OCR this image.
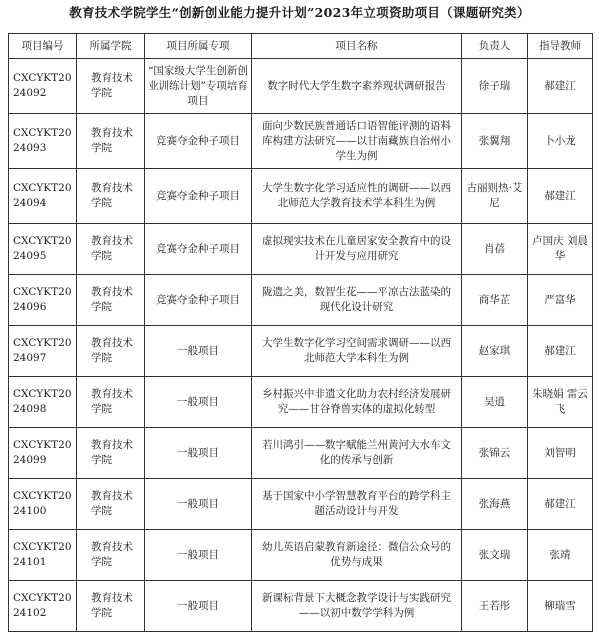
教育技术学院学生“创新创业能力提升计划”2023年立项资助项目（课题研究类）
项目编号	所属学院	项目所属专项	项目名称	负责人	指导教师
CXCYKT2024092	教育技术学院	“国家级大学生创新创业训练计划”专项培育项目	数字时代大学生数字素养现状调研报告	徐子瑞	郝建江
CXCYKT2024093	教育技术学院	竞赛夺金种子项目	面向少数民族普通话口语智能评测的语料库构建方法研究——以甘南藏族自治州小学生为例	张翼翔	卜小龙
CXCYKT2024094	教育技术学院	竞赛夺金种子项目	大学生数字化学习适应性的调研——以西北师范大学教育技术学本科生为例	古丽则热·艾尼	郝建江
CXCYKT2024095	教育技术学院	竞赛夺金种子项目	虚拟现实技术在儿童居家安全教育中的设计开发与应用研究	肖蓓	卢国庆 刘晨华
CXCYKT2024096	教育技术学院	竞赛夺金种子项目	陇遗之美，数智生花——平凉古法蓝染的现代化设计研究	商华芷	严富华
CXCYKT2024097	教育技术学院	一般项目	大学生数字化学习空间需求调研——以西北师范大学本科生为例	赵家琪	郝建江
CXCYKT2024098	教育技术学院	一般项目	乡村振兴中非遗文化助力农村经济发展研究——甘谷脊兽实体的虚拟化转型	吴逍	朱晓娟 雷云飞
CXCYKT2024099	教育技术学院	一般项目	若川鸿引——数字赋能兰州黄河大水车文化的传承与创新	张锦云	刘智明
CXCYKT2024100	教育技术学院	一般项目	基于国家中小学智慧教育平台的跨学科主题活动设计与开发	张海燕	郝建江
CXCYKT2024101	教育技术学院	一般项目	幼儿英语启蒙教育新途径：微信公众号的优势与成果	张文瑞	张靖
CXCYKT2024102	教育技术学院	一般项目	新课标背景下大概念教学设计与实践研究——以初中数学学科为例	王若彤	柳瑞雪
